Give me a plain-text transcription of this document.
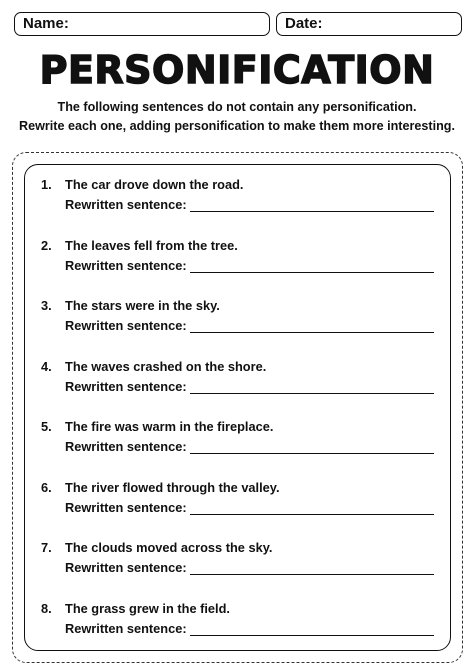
Name:	Date:
PERSONIFICATION
The following sentences do not contain any personification.
Rewrite each one, adding personification to make them more interesting.
1. The car drove down the road.
Rewritten sentence:
2. The leaves fell from the tree.
Rewritten sentence:
3. The stars were in the sky.
Rewritten sentence:
4. The waves crashed on the shore.
Rewritten sentence:
5. The fire was warm in the fireplace.
Rewritten sentence:
6. The river flowed through the valley.
Rewritten sentence:
7. The clouds moved across the sky.
Rewritten sentence:
8. The grass grew in the field.
Rewritten sentence:
